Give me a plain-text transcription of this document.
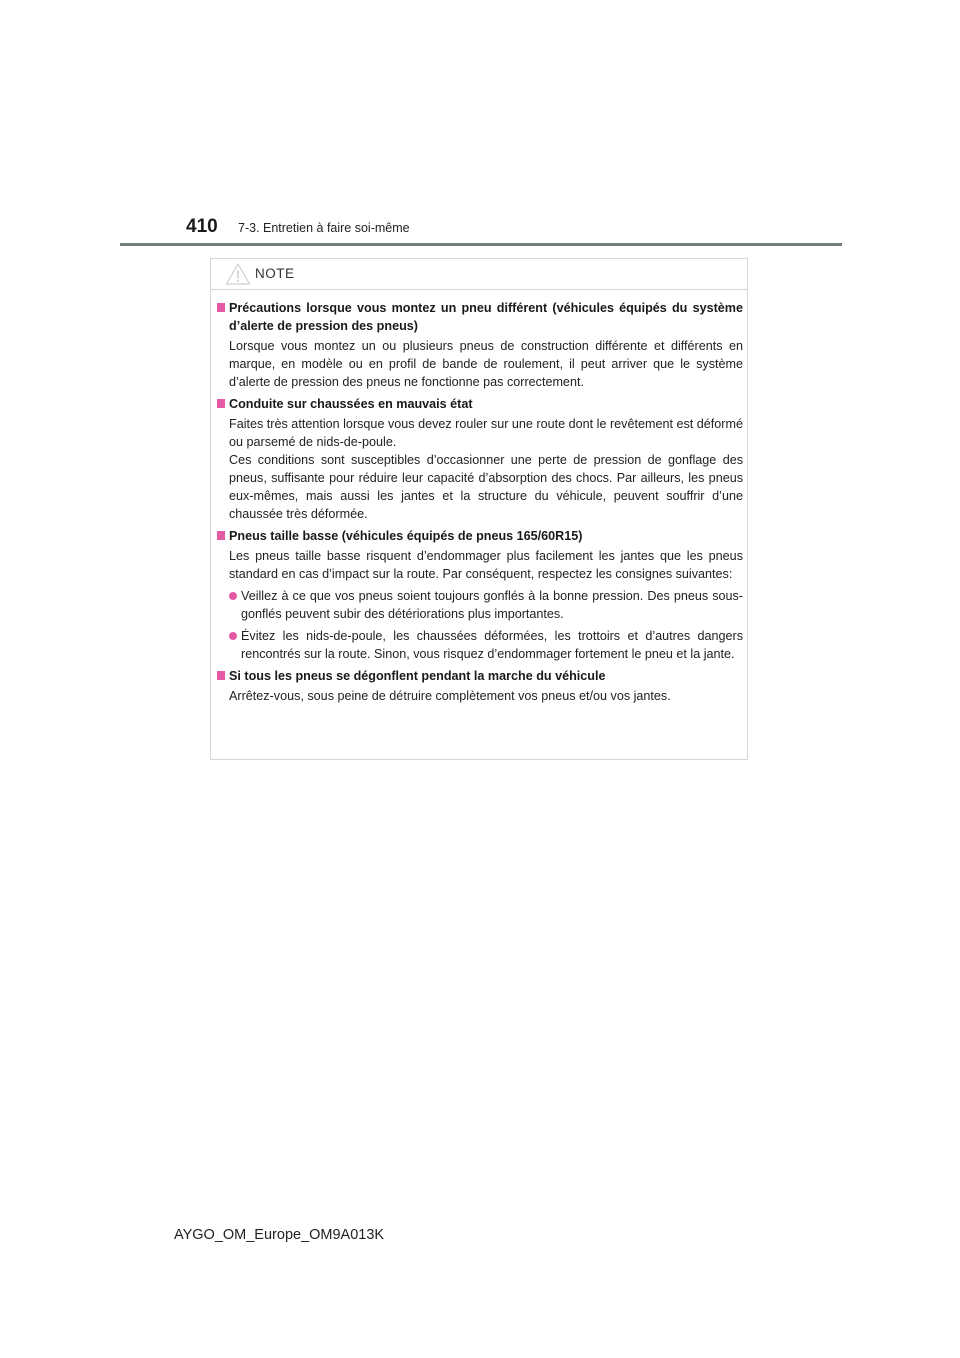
410 7-3. Entretien à faire soi-même
NOTE
Précautions lorsque vous montez un pneu différent (véhicules équipés du système d’alerte de pression des pneus)
Lorsque vous montez un ou plusieurs pneus de construction différente et différents en marque, en modèle ou en profil de bande de roulement, il peut arriver que le système d’alerte de pression des pneus ne fonctionne pas correctement.
Conduite sur chaussées en mauvais état
Faites très attention lorsque vous devez rouler sur une route dont le revêtement est déformé ou parsemé de nids-de-poule.
Ces conditions sont susceptibles d’occasionner une perte de pression de gonflage des pneus, suffisante pour réduire leur capacité d’absorption des chocs. Par ailleurs, les pneus eux-mêmes, mais aussi les jantes et la structure du véhicule, peuvent souffrir d’une chaussée très déformée.
Pneus taille basse (véhicules équipés de pneus 165/60R15)
Les pneus taille basse risquent d’endommager plus facilement les jantes que les pneus standard en cas d’impact sur la route. Par conséquent, respectez les consignes suivantes:
Veillez à ce que vos pneus soient toujours gonflés à la bonne pression. Des pneus sous-gonflés peuvent subir des détériorations plus importantes.
Évitez les nids-de-poule, les chaussées déformées, les trottoirs et d’autres dangers rencontrés sur la route. Sinon, vous risquez d’endommager fortement le pneu et la jante.
Si tous les pneus se dégonflent pendant la marche du véhicule
Arrêtez-vous, sous peine de détruire complètement vos pneus et/ou vos jantes.
AYGO_OM_Europe_OM9A013K
